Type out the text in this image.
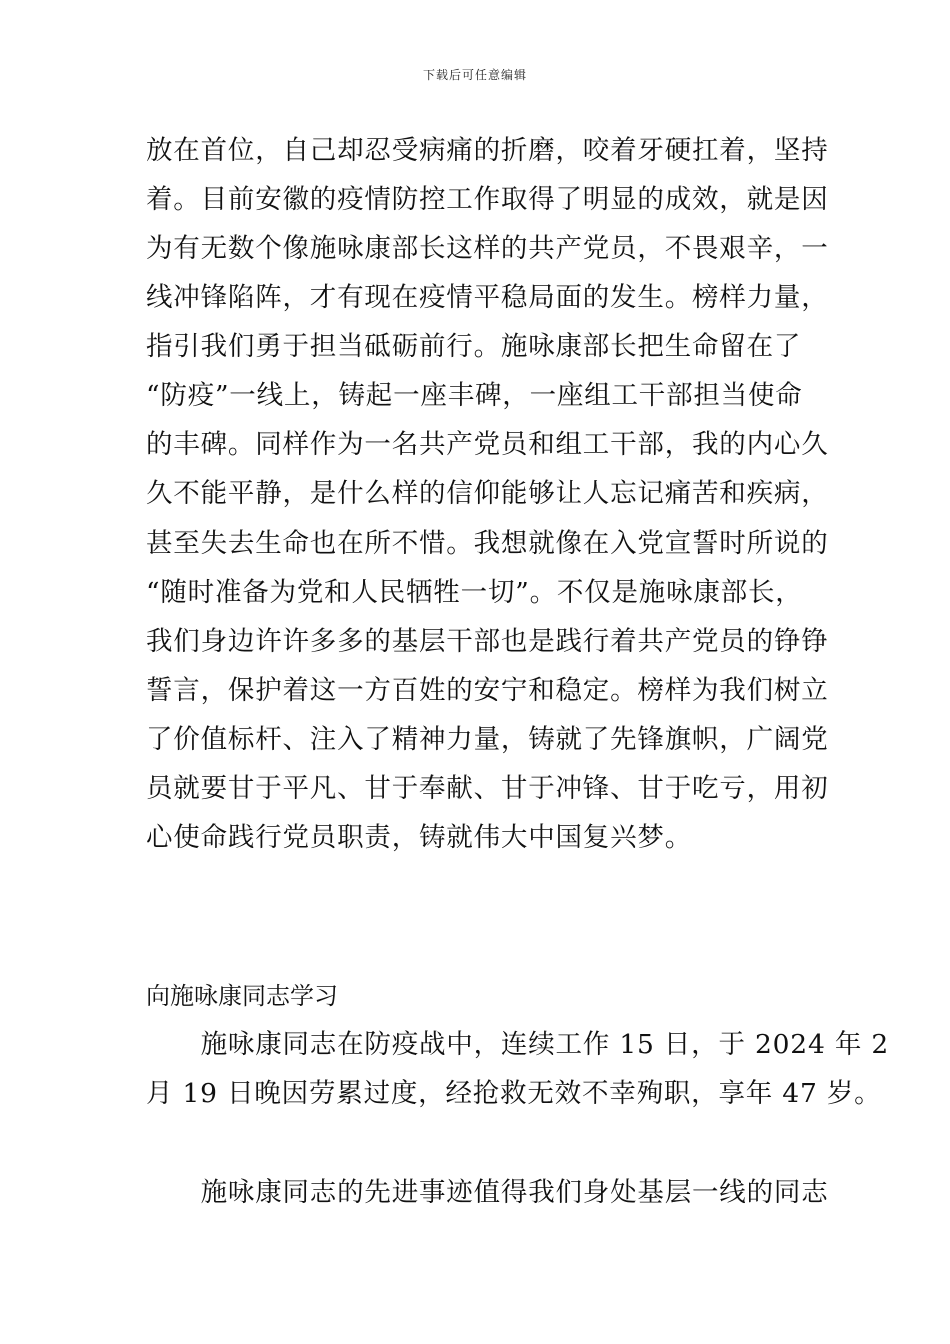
下载后可任意编辑
放在首位，自己却忍受病痛的折磨，咬着牙硬扛着，坚持
着。目前安徽的疫情防控工作取得了明显的成效，就是因
为有无数个像施咏康部长这样的共产党员，不畏艰辛，一
线冲锋陷阵，才有现在疫情平稳局面的发生。榜样力量，
指引我们勇于担当砥砺前行。施咏康部长把生命留在了
“防疫”一线上，铸起一座丰碑，一座组工干部担当使命
的丰碑。同样作为一名共产党员和组工干部，我的内心久
久不能平静，是什么样的信仰能够让人忘记痛苦和疾病，
甚至失去生命也在所不惜。我想就像在入党宣誓时所说的
“随时准备为党和人民牺牲一切”。不仅是施咏康部长，
我们身边许许多多的基层干部也是践行着共产党员的铮铮
誓言，保护着这一方百姓的安宁和稳定。榜样为我们树立
了价值标杆、注入了精神力量，铸就了先锋旗帜，广阔党
员就要甘于平凡、甘于奉献、甘于冲锋、甘于吃亏，用初
心使命践行党员职责，铸就伟大中国复兴梦。
向施咏康同志学习
　　施咏康同志在防疫战中，连续工作 15 日，于 2024 年 2
月 19 日晚因劳累过度，经抢救无效不幸殉职，享年 47 岁。
　　施咏康同志的先进事迹值得我们身处基层一线的同志
